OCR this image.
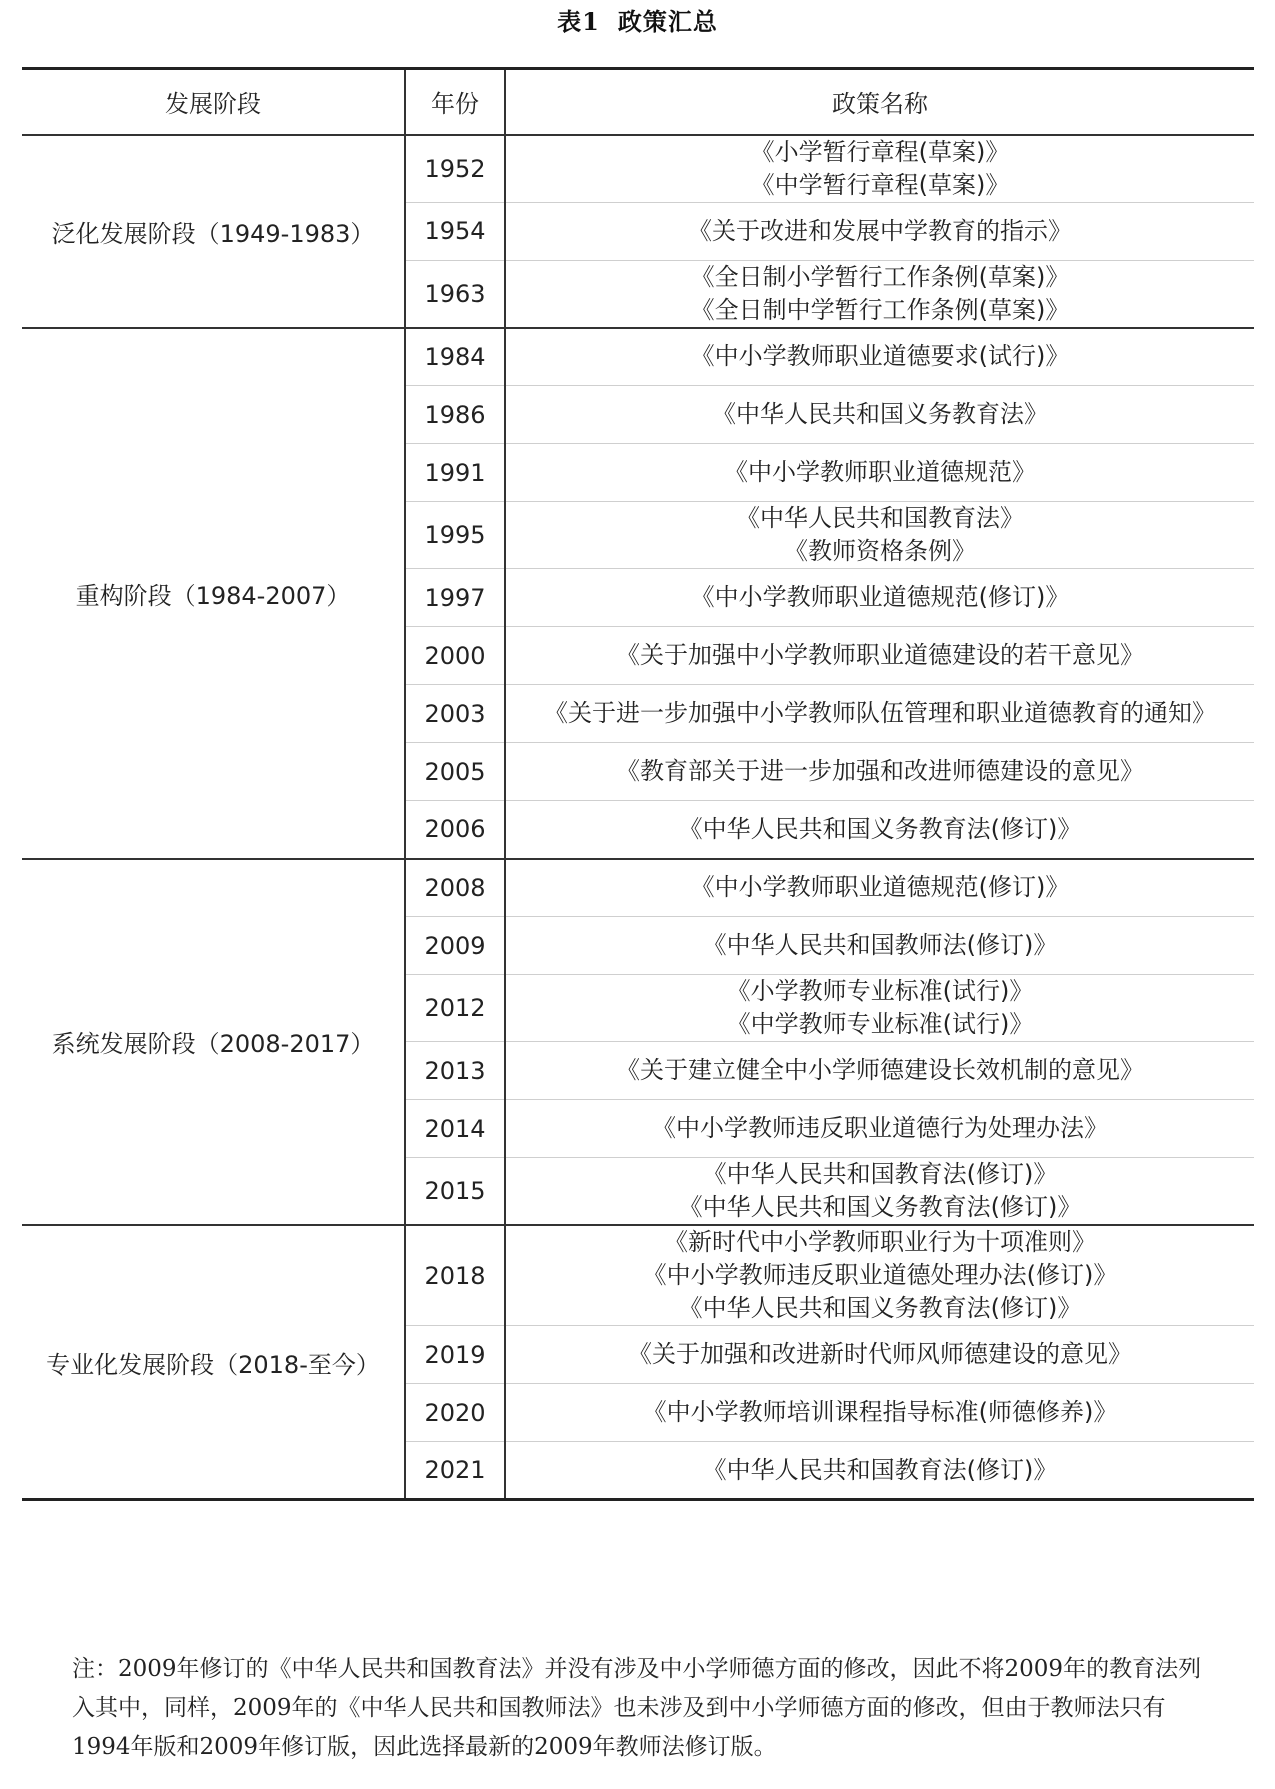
表1 政策汇总
发展阶段	年份	政策名称
泛化发展阶段（1949-1983）	1952	《小学暂行章程(草案)》
《中学暂行章程(草案)》

	1954	《关于改进和发展中学教育的指示》

	1963	《全日制小学暂行工作条例(草案)》
《全日制中学暂行工作条例(草案)》

重构阶段（1984-2007）	1984	《中小学教师职业道德要求(试行)》

	1986	《中华人民共和国义务教育法》

	1991	《中小学教师职业道德规范》

	1995	《中华人民共和国教育法》
《教师资格条例》

	1997	《中小学教师职业道德规范(修订)》

	2000	《关于加强中小学教师职业道德建设的若干意见》

	2003	《关于进一步加强中小学教师队伍管理和职业道德教育的通知》

	2005	《教育部关于进一步加强和改进师德建设的意见》

	2006	《中华人民共和国义务教育法(修订)》

系统发展阶段（2008-2017）	2008	《中小学教师职业道德规范(修订)》

	2009	《中华人民共和国教师法(修订)》

	2012	《小学教师专业标准(试行)》
《中学教师专业标准(试行)》

	2013	《关于建立健全中小学师德建设长效机制的意见》

	2014	《中小学教师违反职业道德行为处理办法》

	2015	《中华人民共和国教育法(修订)》
《中华人民共和国义务教育法(修订)》

专业化发展阶段（2018-至今）	2018	《新时代中小学教师职业行为十项准则》
《中小学教师违反职业道德处理办法(修订)》
《中华人民共和国义务教育法(修订)》

	2019	《关于加强和改进新时代师风师德建设的意见》

	2020	《中小学教师培训课程指导标准(师德修养)》

	2021	《中华人民共和国教育法(修订)》

注：2009年修订的《中华人民共和国教育法》并没有涉及中小学师德方面的修改，因此不将2009年的教育法列入其中，同样，2009年的《中华人民共和国教师法》也未涉及到中小学师德方面的修改，但由于教师法只有1994年版和2009年修订版，因此选择最新的2009年教师法修订版。
